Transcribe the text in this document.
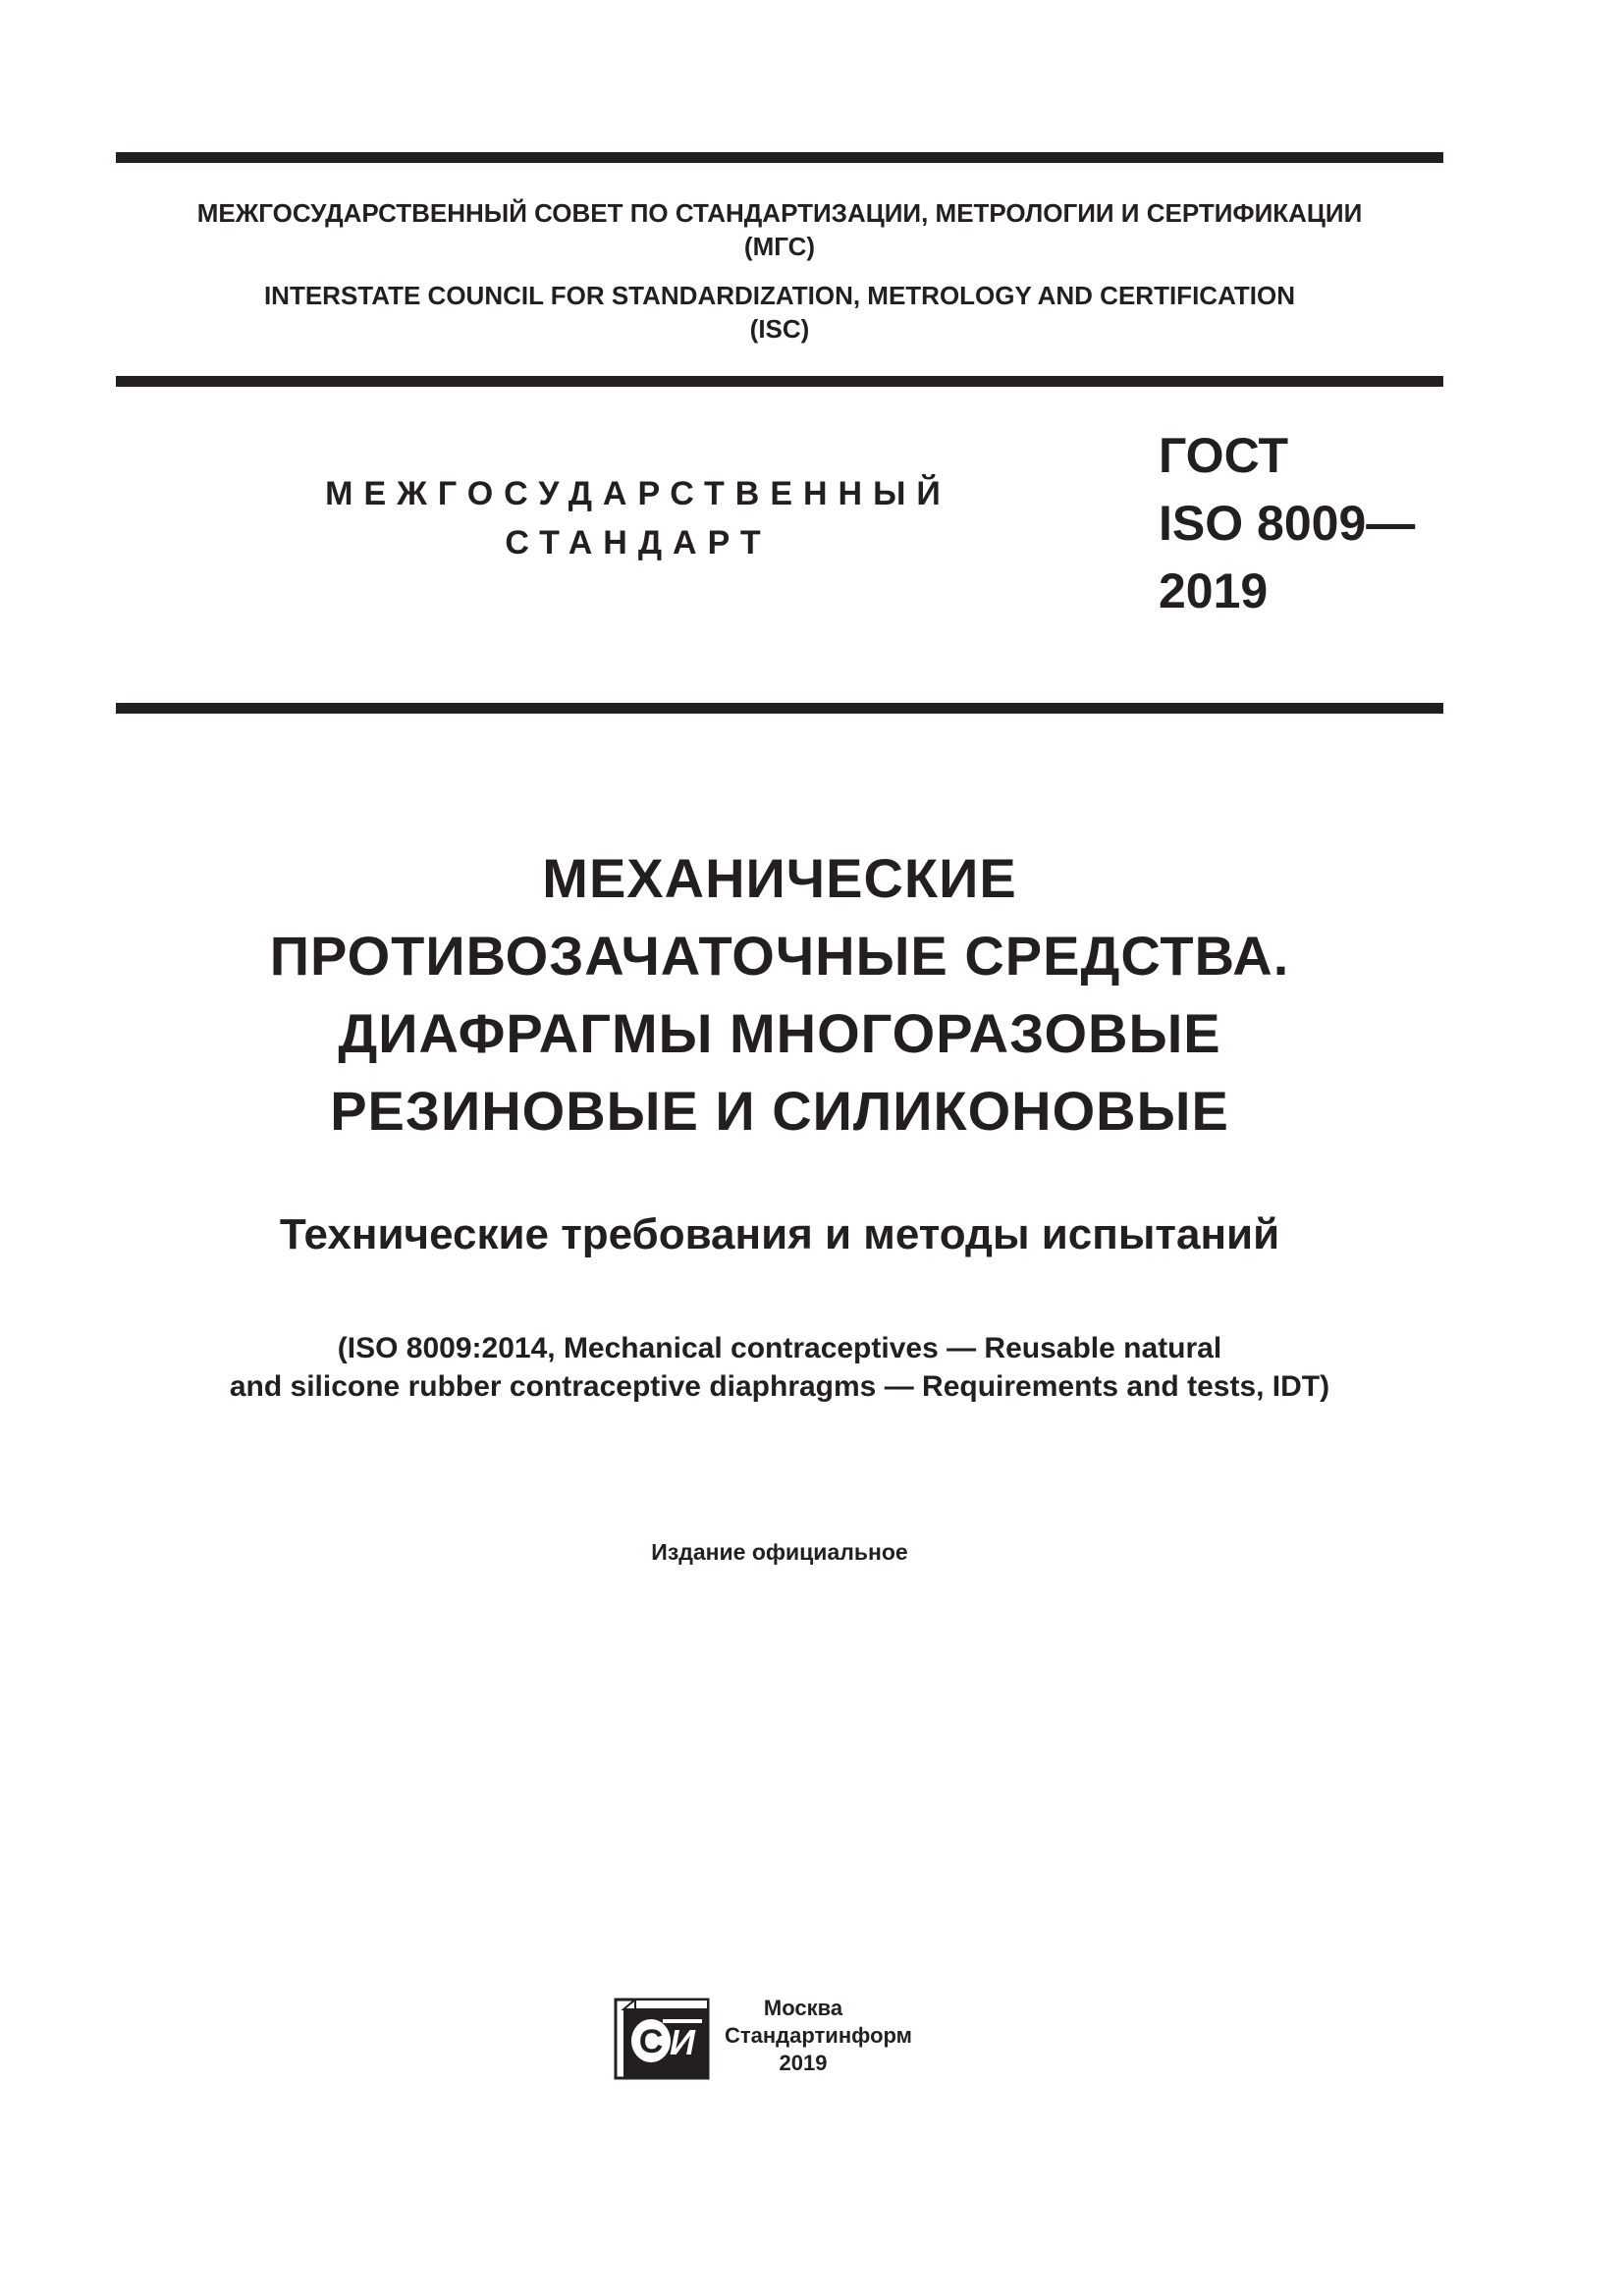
МЕЖГОСУДАРСТВЕННЫЙ СОВЕТ ПО СТАНДАРТИЗАЦИИ, МЕТРОЛОГИИ И СЕРТИФИКАЦИИ
(МГС)
INTERSTATE COUNCIL FOR STANDARDIZATION, METROLOGY AND CERTIFICATION
(ISC)
МЕЖГОСУДАРСТВЕННЫЙ
СТАНДАРТ
ГОСТ
ISO 8009—
2019
МЕХАНИЧЕСКИЕ
ПРОТИВОЗАЧАТОЧНЫЕ СРЕДСТВА.
ДИАФРАГМЫ МНОГОРАЗОВЫЕ
РЕЗИНОВЫЕ И СИЛИКОНОВЫЕ
Технические требования и методы испытаний
(ISO 8009:2014, Mechanical contraceptives — Reusable natural
and silicone rubber contraceptive diaphragms — Requirements and tests, IDT)
Издание официальное
С И
Москва
Стандартинформ
2019
